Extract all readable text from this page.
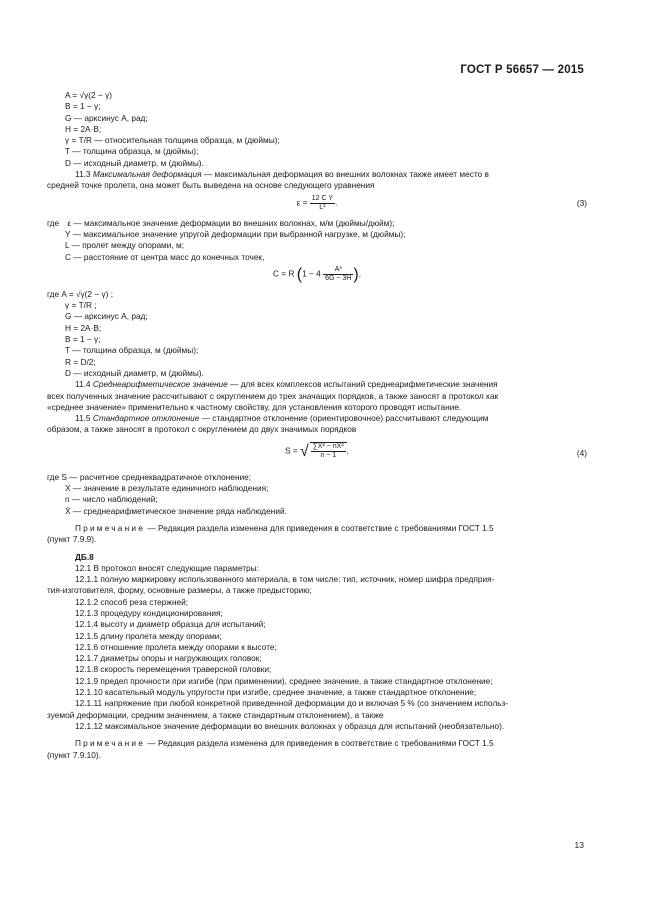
ГОСТ Р 56657 — 2015
A = √γ(2 − γ)
B = 1 − γ;
G — арксинус A, рад;
H = 2A·B;
γ = T/R — относительная толщина образца, м (дюймы);
T — толщина образца, м (дюймы);
D — исходный диаметр, м (дюймы).
11.3 Максимальная деформация — максимальная деформация во внешних волокнах также имеет место в
средней точке пролета, она может быть выведена на основе следующего уравнения
$\varepsilon = \frac{\text{12 C Y}}{\text{L²}}$ .	(3)
где ε — максимальное значение деформации во внешних волокнах, м/м (дюймы/дюйм);
Y — максимальное значение упругой деформации при выбранной нагрузке, м (дюймы);
L — пролет между опорами, м;
C — расстояние от центра масс до конечных точек,
C = R ($1 - 4 \frac{\text{A³}}{6G - 3H}$ ),
где A = √γ(2 − γ) ;
γ = T/R ;
G — арксинус A, рад;
H = 2A·B;
B = 1 − γ;
T — толщина образца, м (дюймы);
R = D/2;
D — исходный диаметр, м (дюймы).
11.4 Среднеарифметическое значение — для всех комплексов испытаний среднеарифметические значения
всех полученных значение рассчитывают с округлением до трех значащих порядков, а также заносят в протокол как
«среднее значение» применительно к частному свойству, для установления которого проводят испытание.
11.5 Стандартное отклонение — стандартное отклонение (ориентировочное) рассчитывают следующим
образом, а также заносят в протокол с округлением до двух значимых порядков
S = √ $\frac{\text{∑X² − nX̄²}}{n - 1}$ ,	(4)
где S — расчетное среднеквадратичное отклонение;
X — значение в результате единичного наблюдения;
n — число наблюдений;
X̄ — среднеарифметическое значение ряда наблюдений.
Примечание — Редакция раздела изменена для приведения в соответствие с требованиями ГОСТ 1.5
(пункт 7.9.9).
ДБ.8
12.1 В протокол вносят следующие параметры:
12.1.1 полную маркировку использованного материала, в том числе: тип, источник, номер шифра предприя-
тия-изготовителя, форму, основные размеры, а также предысторию;
12.1.2 способ реза стержней;
12.1.3 процедуру кондиционирования;
12.1.4 высоту и диаметр образца для испытаний;
12.1.5 длину пролета между опорами;
12.1.6 отношение пролета между опорами к высоте;
12.1.7 диаметры опоры и нагружающих головок;
12.1.8 скорость перемещения траверсной головки;
12.1.9 предел прочности при изгибе (при применении), среднее значение, а также стандартное отклонение;
12.1.10 касательный модуль упругости при изгибе, среднее значение, а также стандартное отклонение;
12.1.11 напряжение при любой конкретной приведенной деформации до и включая 5 % (со значением использ-
зуемой деформации, средним значением, а также стандартным отклонением), а также
12.1.12 максимальное значение деформации во внешних волокнах у образца для испытаний (необязательно).
Примечание — Редакция раздела изменена для приведения в соответствие с требованиями ГОСТ 1.5
(пункт 7.9.10).
13
